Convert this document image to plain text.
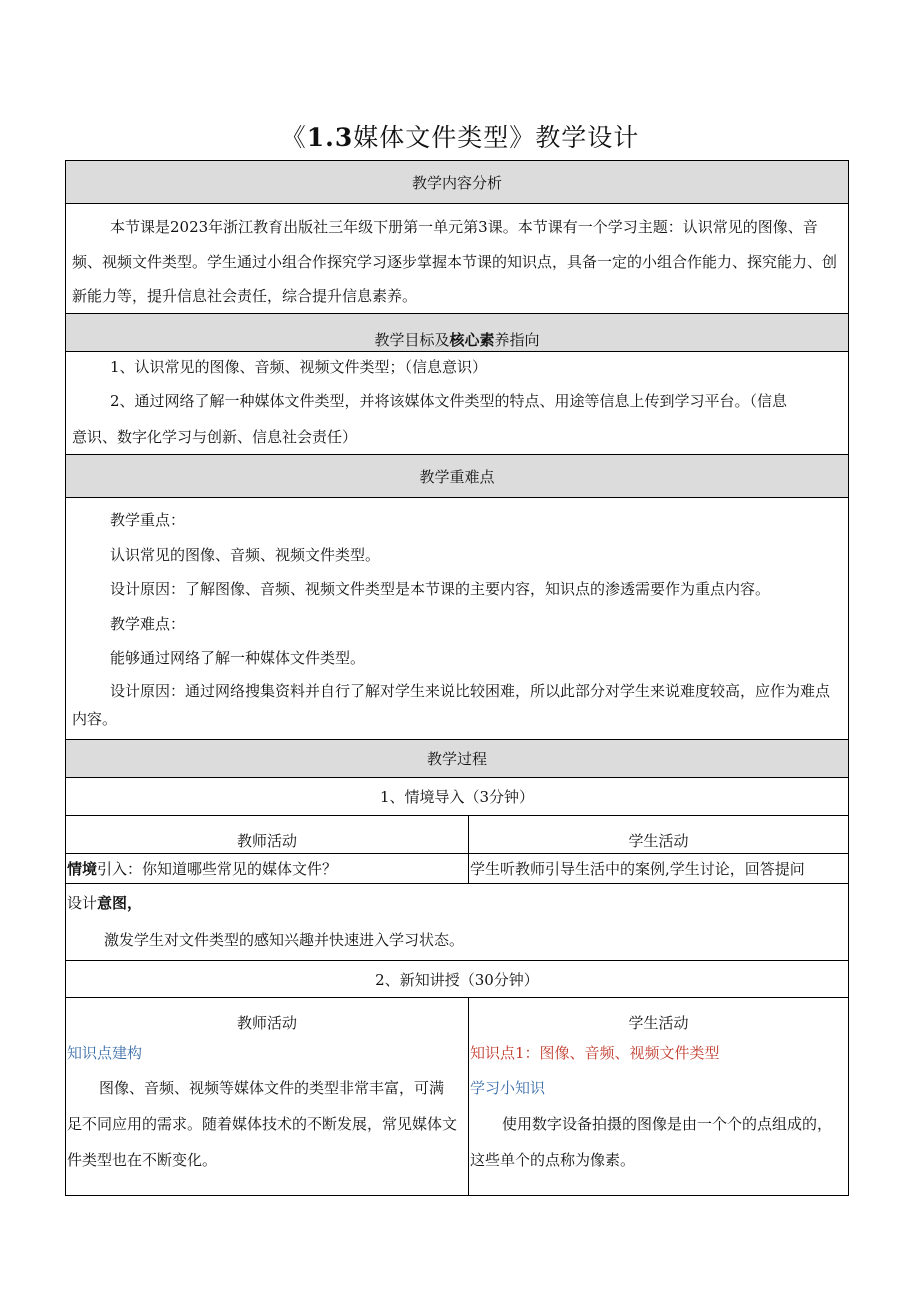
《1.3媒体文件类型》教学设计
教学内容分析
本节课是2023年浙江教育出版社三年级下册第一单元第3课。本节课有一个学习主题：认识常见的图像、音
频、视频文件类型。学生通过小组合作探究学习逐步掌握本节课的知识点，具备一定的小组合作能力、探究能力、创
新能力等，提升信息社会责任，综合提升信息素养。
教学目标及核心素养指向
1、认识常见的图像、音频、视频文件类型；（信息意识）
2、通过网络了解一种媒体文件类型，并将该媒体文件类型的特点、用途等信息上传到学习平台。（信息
意识、数字化学习与创新、信息社会责任）
教学重难点
教学重点：
认识常见的图像、音频、视频文件类型。
设计原因：了解图像、音频、视频文件类型是本节课的主要内容，知识点的渗透需要作为重点内容。
教学难点：
能够通过网络了解一种媒体文件类型。
设计原因：通过网络搜集资料并自行了解对学生来说比较困难，所以此部分对学生来说难度较高，应作为难点
内容。
教学过程
1、情境导入（3分钟）
教师活动	学生活动
情境引入：你知道哪些常见的媒体文件？	学生听教师引导生活中的案例,学生讨论，回答提问
设计意图，
激发学生对文件类型的感知兴趣并快速进入学习状态。
2、新知讲授（30分钟）
教师活动
知识点建构
图像、音频、视频等媒体文件的类型非常丰富，可满
足不同应用的需求。随着媒体技术的不断发展，常见媒体文
件类型也在不断变化。
学生活动
知识点1：图像、音频、视频文件类型
学习小知识
使用数字设备拍摄的图像是由一个个的点组成的，
这些单个的点称为像素。
